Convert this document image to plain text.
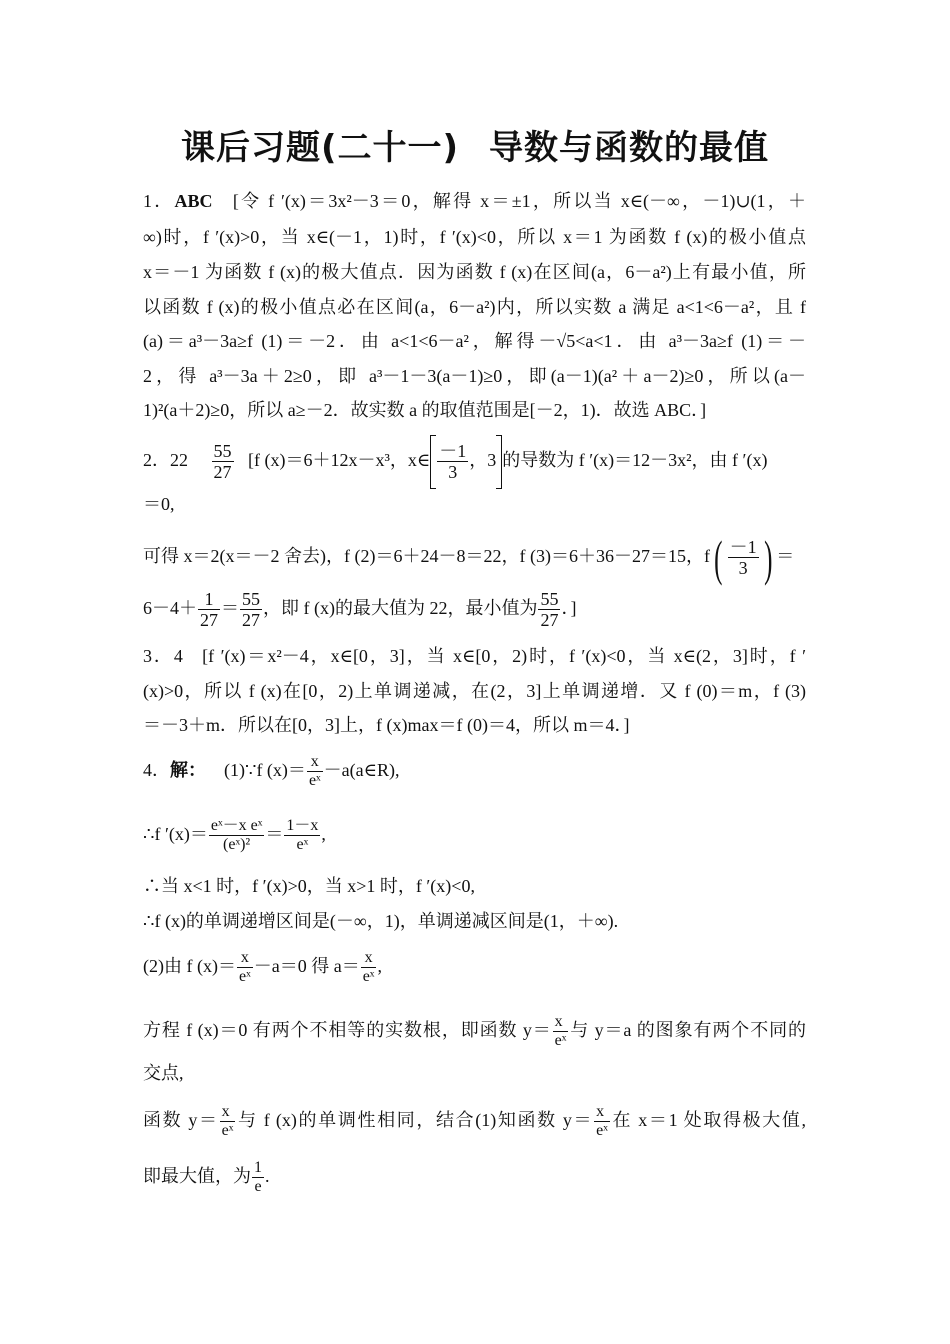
课后习题(二十一) 导数与函数的最值
1．ABC [令 f ′(x)＝3x²－3＝0，解得 x＝±1，所以当 x∈(－∞，－1)∪(1，＋
∞)时，f ′(x)>0，当 x∈(－1，1)时，f ′(x)<0，所以 x＝1 为函数 f (x)的极小值点
x＝－1 为函数 f (x)的极大值点．因为函数 f (x)在区间(a，6－a²)上有最小值，所
以函数 f (x)的极小值点必在区间(a，6－a²)内，所以实数 a 满足 a<1<6－a²，且 f
(a)＝a³－3a≥f (1)＝－2．由 a<1<6－a²，解得－√5<a<1．由 a³－3a≥f (1)＝－
2，得 a³－3a＋2≥0，即 a³－1－3(a－1)≥0，即(a－1)(a²＋a－2)≥0，所以(a－
1)²(a＋2)≥0，所以 a≥－2．故实数 a 的取值范围是[－2，1)．故选 ABC．]
2．$22 \frac{55}{27} [f$ (x)＝6＋12x－x³，x∈ $\frac{-1}{3}$ ，3 的导数为 f ′(x)＝12－3x²，由 f ′(x)
＝0,
可得 x＝2(x＝－2 舍去)，f (2)＝6＋24－8＝22，f (3)＝6＋36－27＝15，$f( \frac{-1}{3}$ ) ＝
$6-4+ \frac{1}{27} = \frac{55}{27}$ ，即 f (x)的最大值为 22，最小值为 $\frac{55}{27}$ ．]
3．4 [f ′(x)＝x²－4，x∈[0，3]，当 x∈[0，2)时，f ′(x)<0，当 x∈(2，3]时，f ′
(x)>0，所以 f (x)在[0，2)上单调递减，在(2，3]上单调递增．又 f (0)＝m，f (3)
＝－3＋m．所以在[0，3]上，f (x)max＝f (0)＝4，所以 m＝4．]
4．解： (1)∵f $(x)= \frac{x}{\text{eˣ}}$ －a(a∈R),
∴f $'(x)= \frac{\text{eˣ－x eˣ}}{\text{(eˣ)²}} = \frac{1-x}{\text{eˣ}}$ ,
∴当 x<1 时，f ′(x)>0，当 x>1 时，f ′(x)<0,
∴f (x)的单调递增区间是(－∞，1)，单调递减区间是(1，＋∞).
(2)由 f $(x)= \frac{x}{\text{eˣ}} -a=0$ 得 $a= \frac{x}{\text{eˣ}}$ ,
方程 f (x)＝0 有两个不相等的实数根，即函数 $y= \frac{x}{\text{eˣ}}$ 与 y＝a 的图象有两个不同的
交点,
函数 $y= \frac{x}{\text{eˣ}}$ 与 f (x)的单调性相同，结合(1)知函数 $y= \frac{x}{\text{eˣ}}$ 在 x＝1 处取得极大值,
即最大值，为 $\frac{1}{e}$ .
